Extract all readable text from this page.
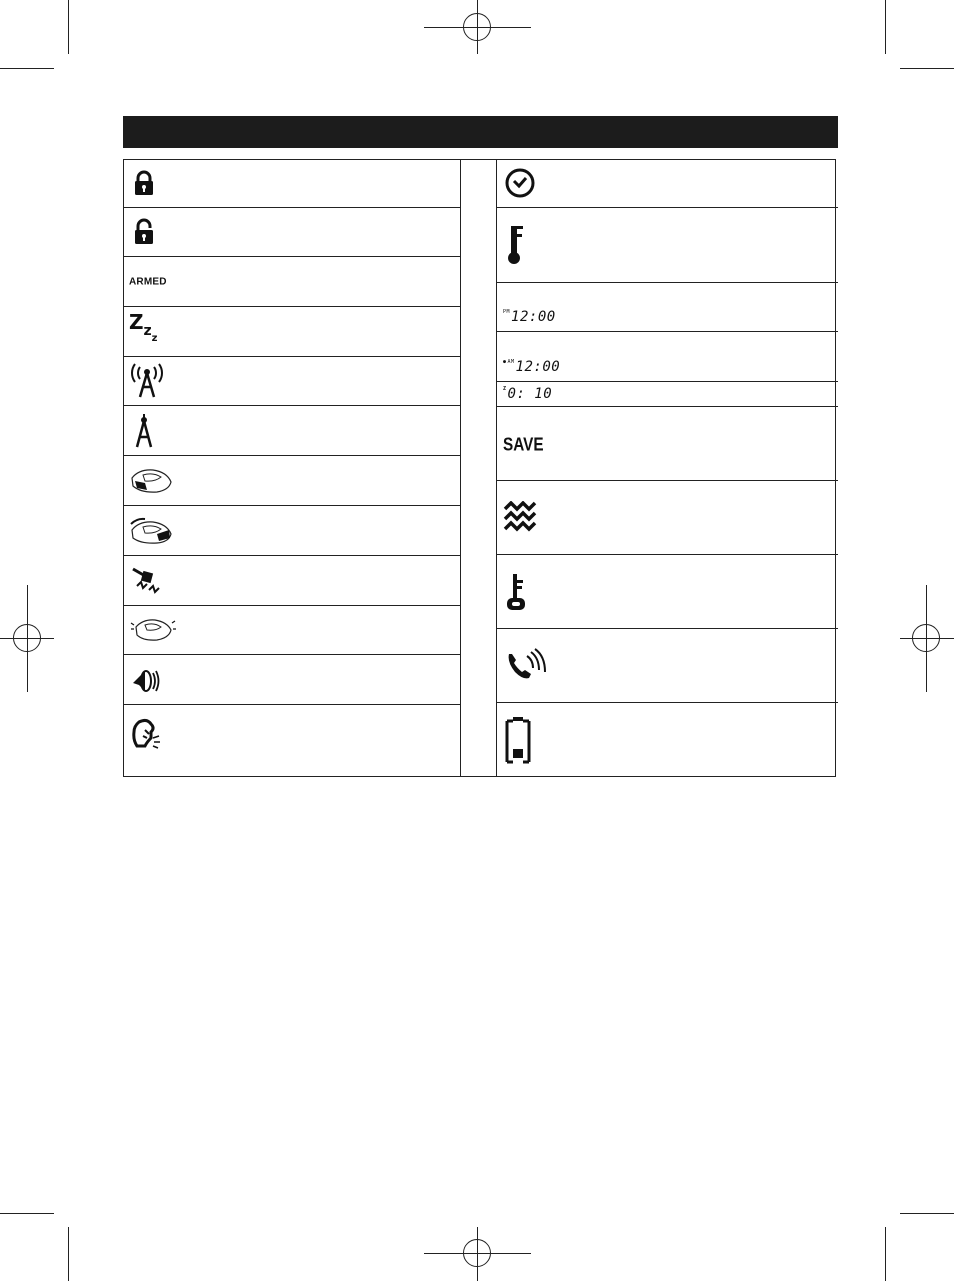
ARMED
Z z z
$^{PM}$12:00
$^{●AM}$12:00
$^Z$0: 10
SAVE
